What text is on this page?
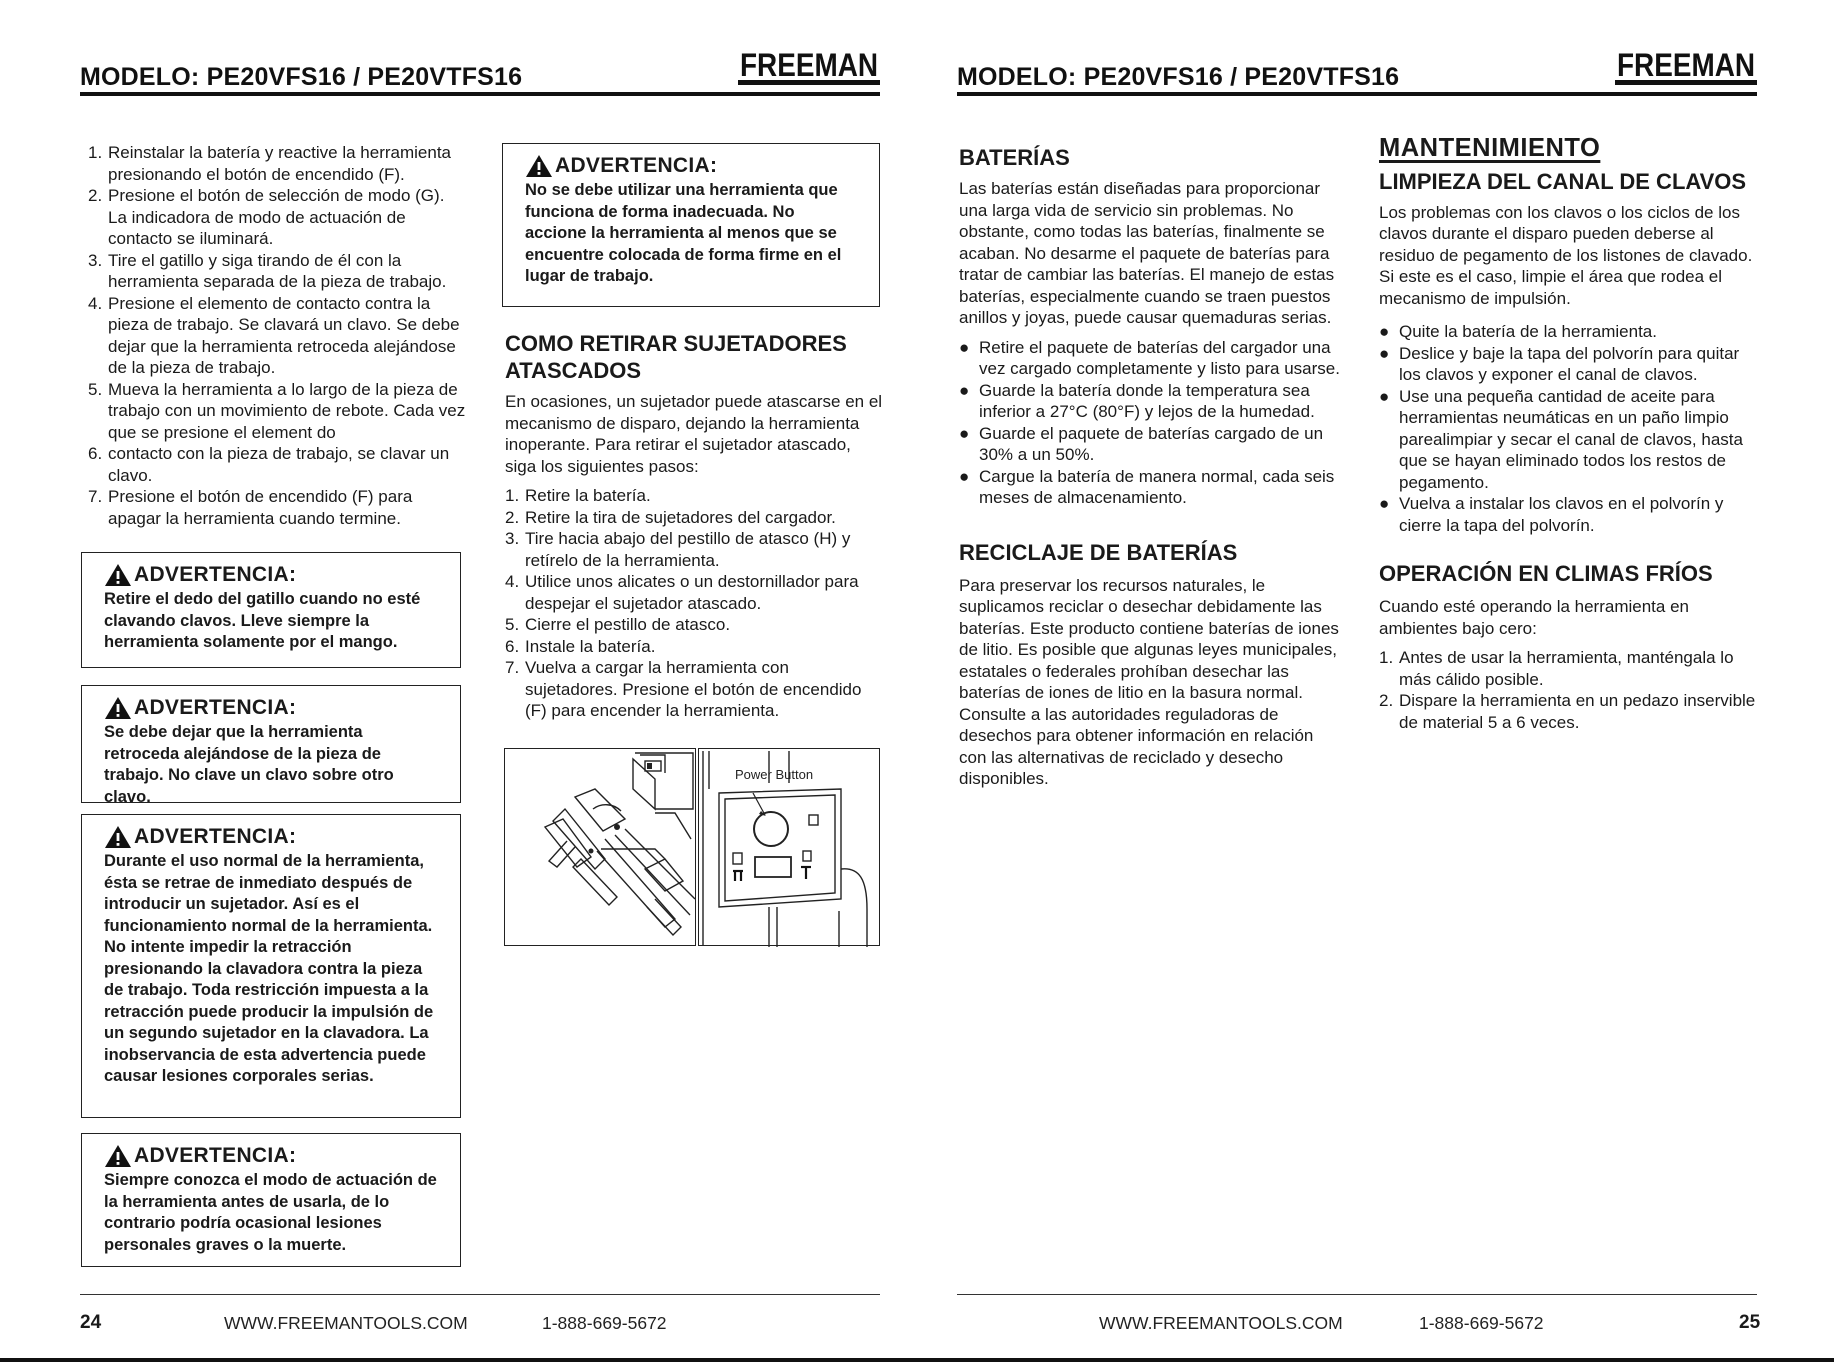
MODELO: PE20VFS16 / PE20VTFS16	FREEMAN
1. Reinstalar la batería y reactive la herramienta presionando el botón de encendido (F).
2. Presione el botón de selección de modo (G). La indicadora de modo de actuación de contacto se iluminará.
3. Tire el gatillo y siga tirando de él con la herramienta separada de la pieza de trabajo.
4. Presione el elemento de contacto contra la pieza de trabajo. Se clavará un clavo. Se debe dejar que la herramienta retroceda alejándose de la pieza de trabajo.
5. Mueva la herramienta a lo largo de la pieza de trabajo con un movimiento de rebote. Cada vez que se presione el element do
6. contacto con la pieza de trabajo, se clavar un clavo.
7. Presione el botón de encendido (F) para apagar la herramienta cuando termine.
ADVERTENCIA:
Retire el dedo del gatillo cuando no esté clavando clavos. Lleve siempre la herramienta solamente por el mango.
ADVERTENCIA:
Se debe dejar que la herramienta retroceda alejándose de la pieza de trabajo. No clave un clavo sobre otro clavo.
ADVERTENCIA:
Durante el uso normal de la herramienta, ésta se retrae de inmediato después de introducir un sujetador. Así es el funcionamiento normal de la herramienta. No intente impedir la retracción presionando la clavadora contra la pieza de trabajo. Toda restricción impuesta a la retracción puede producir la impulsión de un segundo sujetador en la clavadora. La inobservancia de esta advertencia puede causar lesiones corporales serias.
ADVERTENCIA:
Siempre conozca el modo de actuación de la herramienta antes de usarla, de lo contrario podría ocasional lesiones personales graves o la muerte.
ADVERTENCIA:
No se debe utilizar una herramienta que funciona de forma inadecuada. No accione la herramienta al menos que se encuentre colocada de forma firme en el lugar de trabajo.
COMO RETIRAR SUJETADORES ATASCADOS

En ocasiones, un sujetador puede atascarse en el mecanismo de disparo, dejando la herramienta inoperante. Para retirar el sujetador atascado, siga los siguientes pasos:

1. Retire la batería.
2. Retire la tira de sujetadores del cargador.
3. Tire hacia abajo del pestillo de atasco (H) y retírelo de la herramienta.
4. Utilice unos alicates o un destornillador para despejar el sujetador atascado.
5. Cierre el pestillo de atasco.
6. Instale la batería.
7. Vuelva a cargar la herramienta con sujetadores. Presione el botón de encendido (F) para encender la herramienta.
Power Button
24	WWW.FREEMANTOOLS.COM	1-888-669-5672
MODELO: PE20VFS16 / PE20VTFS16	FREEMAN
BATERÍAS

Las baterías están diseñadas para proporcionar una larga vida de servicio sin problemas. No obstante, como todas las baterías, finalmente se acaban. No desarme el paquete de baterías para tratar de cambiar las baterías. El manejo de estas baterías, especialmente cuando se traen puestos anillos y joyas, puede causar quemaduras serias.

● Retire el paquete de baterías del cargador una vez cargado completamente y listo para usarse.
● Guarde la batería donde la temperatura sea inferior a 27°C (80°F) y lejos de la humedad.
● Guarde el paquete de baterías cargado de un 30% a un 50%.
● Cargue la batería de manera normal, cada seis meses de almacenamiento.
RECICLAJE DE BATERÍAS

Para preservar los recursos naturales, le suplicamos reciclar o desechar debidamente las baterías. Este producto contiene baterías de iones de litio. Es posible que algunas leyes municipales, estatales o federales prohíban desechar las baterías de iones de litio en la basura normal. Consulte a las autoridades reguladoras de desechos para obtener información en relación con las alternativas de reciclado y desecho disponibles.

MANTENIMIENTO
LIMPIEZA DEL CANAL DE CLAVOS

Los problemas con los clavos o los ciclos de los clavos durante el disparo pueden deberse al residuo de pegamento de los listones de clavado. Si este es el caso, limpie el área que rodea el mecanismo de impulsión.

● Quite la batería de la herramienta.
● Deslice y baje la tapa del polvorín para quitar los clavos y exponer el canal de clavos.
● Use una pequeña cantidad de aceite para herramientas neumáticas en un paño limpio parealimpiar y secar el canal de clavos, hasta que se hayan eliminado todos los restos de pegamento.
● Vuelva a instalar los clavos en el polvorín y cierre la tapa del polvorín.
OPERACIÓN EN CLIMAS FRÍOS

Cuando esté operando la herramienta en ambientes bajo cero:

1. Antes de usar la herramienta, manténgala lo más cálido posible.
2. Dispare la herramienta en un pedazo inservible de material 5 a 6 veces.
WWW.FREEMANTOOLS.COM	1-888-669-5672	25
